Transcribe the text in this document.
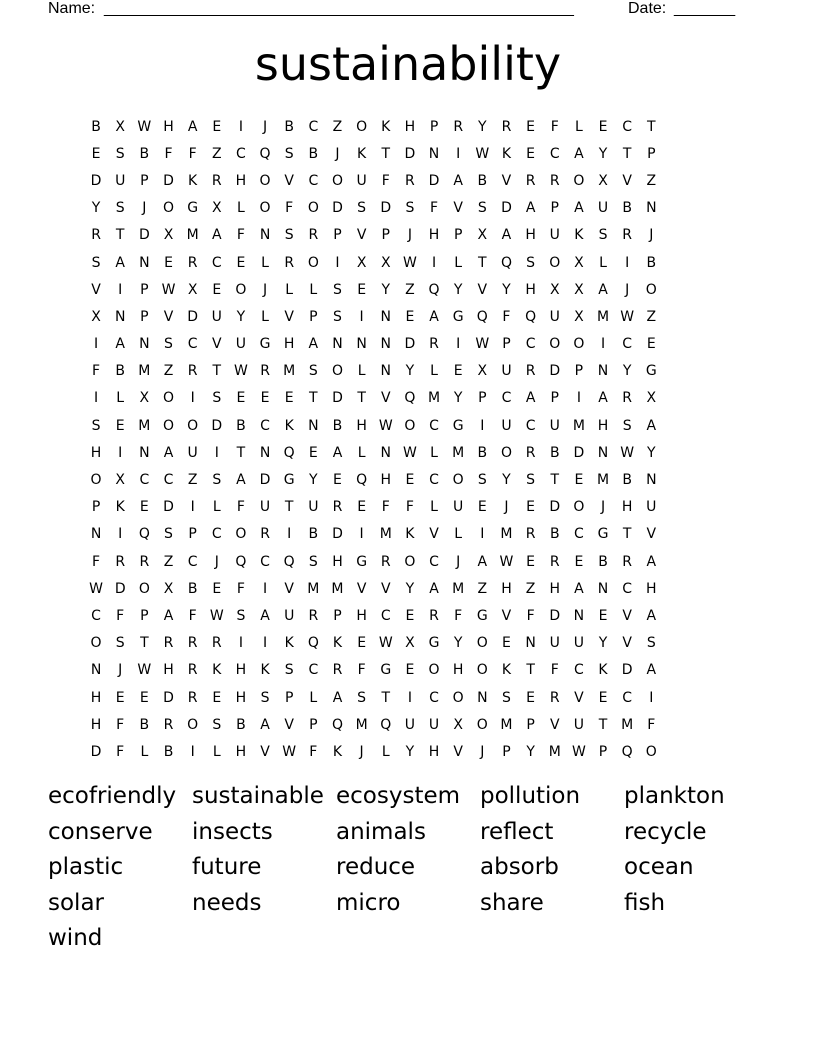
Name: ______________________________________________________	Date: _______
sustainability
B	X W H	A	E	I	J	B	C	Z O	K	H	P	R	Y	R	E	F	L	E	C	T
E	S	B	F	F	Z	C Q	S	B	J	K	T	D N	I	W K	E	C	A	Y	T	P
D U	P	D	K	R	H O V	C O U	F	R D A	B	V	R	R O X	V	Z
Y	S	J	O G X	L	O	F	O D	S	D	S	F	V	S	D A	P	A	U	B	N
R	T	D X M A	F	N	S	R	P	V	P	J	H	P	X	A	H U	K	S	R	J
S	A	N	E	R	C	E	L	R O	I	X	X W	I	L	T	Q	S	O X	L	I	B
V	I	P W X	E	O	J	L	L	S	E	Y	Z Q	Y	V	Y	H	X	X	A	J	O
X	N	P	V D U	Y	L	V	P	S	I	N	E	A G Q	F	Q U	X M W Z
I	A	N	S	C	V	U G H	A	N N N D R	I	W P	C O O	I	C	E
F	B M Z	R	T W R M S	O	L	N	Y	L	E	X	U	R D	P	N	Y	G
I	L	X O	I	S	E	E	E	T	D	T	V Q M Y	P	C	A	P	I	A	R	X
S	E M O O D B	C	K	N	B	H W O C G	I	U	C	U M H	S	A
H	I	N	A	U	I	T	N Q	E	A	L	N W L	M B O R	B D N W Y
O X	C	C	Z	S	A D G	Y	E	Q H	E	C O	S	Y	S	T	E M B	N
P	K	E	D	I	L	F	U	T	U	R	E	F	F	L	U	E	J	E	D O	J	H U
N	I	Q	S	P	C O R	I	B D	I	M K	V	L	I	M R	B	C G	T	V
F	R	R	Z	C	J	Q C Q	S	H G R O C	J	A W E	R	E	B	R	A
W D O X	B	E	F	I	V M M V	V	Y	A M Z	H	Z	H	A	N	C H
C	F	P	A	F W S	A	U	R	P	H C	E	R	F	G V	F	D N	E	V	A
O	S	T	R	R	R	I	I	K	Q	K	E W X G	Y	O	E	N U U	Y	V	S
N	J	W H	R	K	H	K	S	C	R	F	G	E	O H O	K	T	F	C	K	D A
H	E	E	D R	E	H	S	P	L	A	S	T	I	C O N	S	E	R	V	E	C	I
H	F	B	R O	S	B	A	V	P	Q M Q U U	X O M P	V	U	T M	F
D	F	L	B	I	L	H	V W F	K	J	L	Y	H	V	J	P	Y M W P	Q O
ecofriendly sustainable ecosystem pollution	plankton
conserve	insects	animals	reflect	recycle
plastic	future	reduce	absorb	ocean
solar	needs	micro	share	fish
wind
